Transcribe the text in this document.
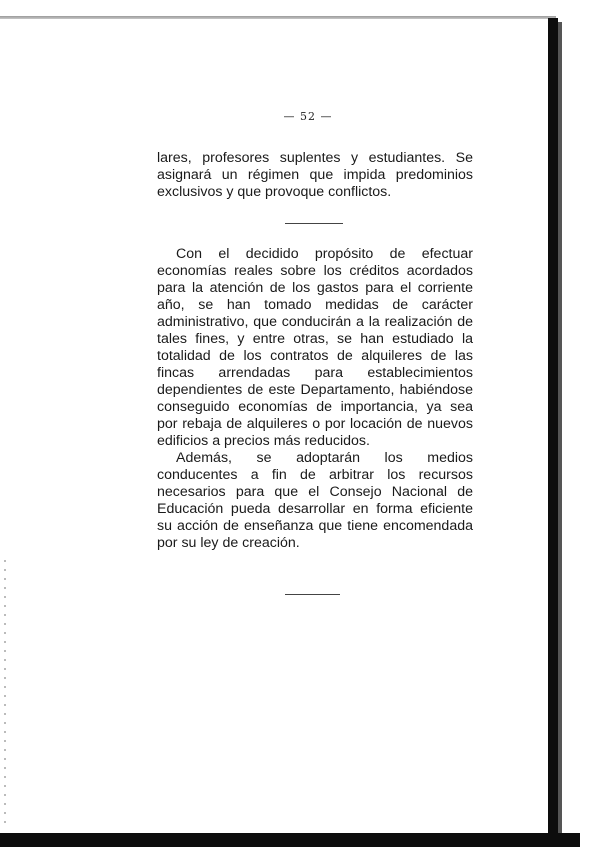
— 52 —

lares, profesores suplentes y estudiantes. Se asignará un régimen que impida predominios exclusivos y que provoque conflictos.

Con el decidido propósito de efectuar economías reales sobre los créditos acordados para la atención de los gastos para el corriente año, se han tomado medidas de carácter administrativo, que conducirán a la realización de tales fines, y entre otras, se han estudiado la totalidad de los contratos de alquileres de las fincas arrendadas para establecimientos dependientes de este Departamento, habiéndose conseguido economías de importancia, ya sea por rebaja de alquileres o por locación de nuevos edificios a precios más reducidos.

Además, se adoptarán los medios conducentes a fin de arbitrar los recursos necesarios para que el Consejo Nacional de Educación pueda desarrollar en forma eficiente su acción de enseñanza que tiene encomendada por su ley de creación.
